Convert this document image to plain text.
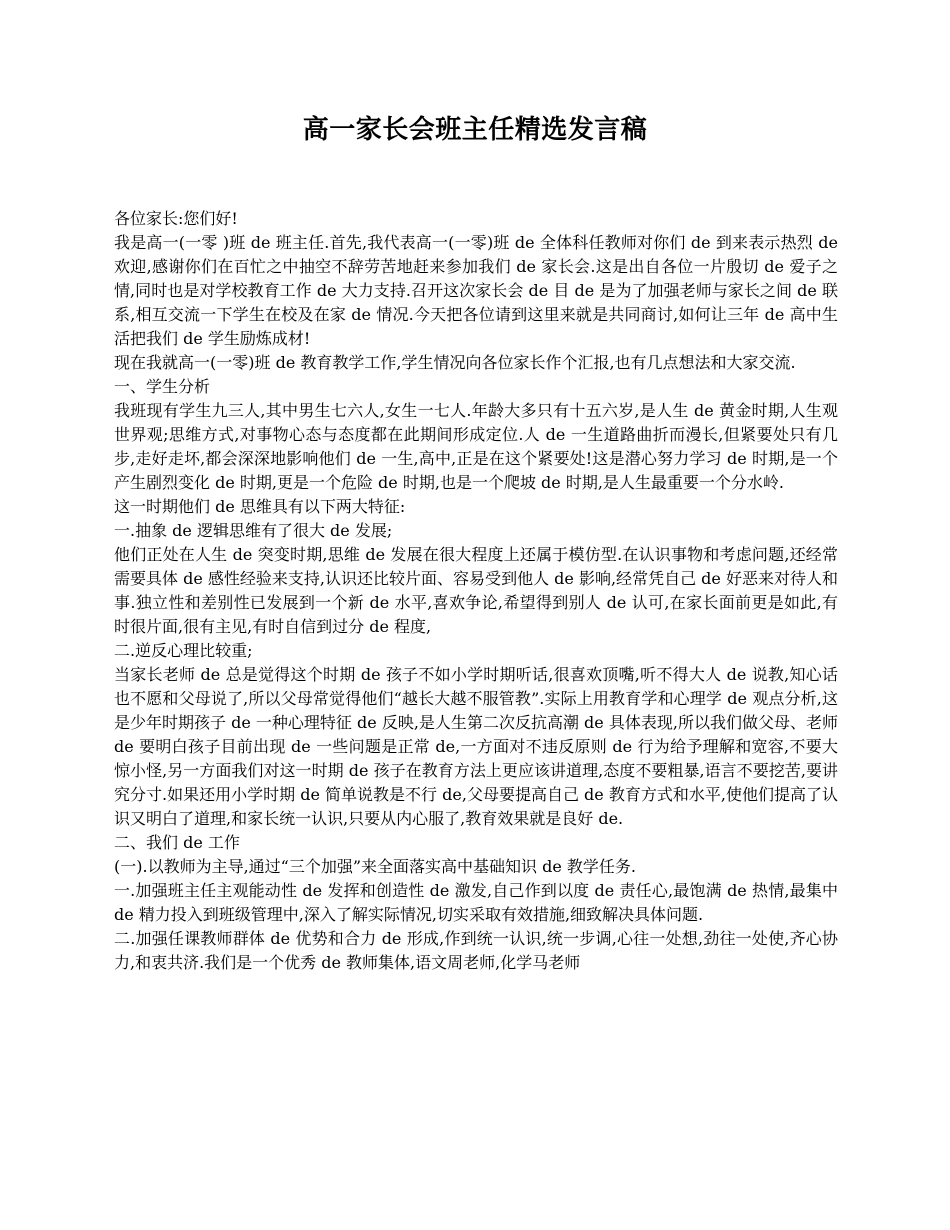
高一家长会班主任精选发言稿

各位家长:您们好!

我是高一(一零 )班 de 班主任.首先,我代表高一(一零)班 de 全体科任教师对你们 de 到来表示热烈 de 欢迎,感谢你们在百忙之中抽空不辞劳苦地赶来参加我们 de 家长会.这是出自各位一片殷切 de 爱子之情,同时也是对学校教育工作 de 大力支持.召开这次家长会 de 目 de 是为了加强老师与家长之间 de 联系,相互交流一下学生在校及在家 de 情况.今天把各位请到这里来就是共同商讨,如何让三年 de 高中生活把我们 de 学生励炼成材!

现在我就高一(一零)班 de 教育教学工作,学生情况向各位家长作个汇报,也有几点想法和大家交流.

一、学生分析

我班现有学生九三人,其中男生七六人,女生一七人.年龄大多只有十五六岁,是人生 de 黄金时期,人生观世界观;思维方式,对事物心态与态度都在此期间形成定位.人 de 一生道路曲折而漫长,但紧要处只有几步,走好走坏,都会深深地影响他们 de 一生,高中,正是在这个紧要处!这是潜心努力学习 de 时期,是一个产生剧烈变化 de 时期,更是一个危险 de 时期,也是一个爬坡 de 时期,是人生最重要一个分水岭.

这一时期他们 de 思维具有以下两大特征:

一.抽象 de 逻辑思维有了很大 de 发展;

他们正处在人生 de 突变时期,思维 de 发展在很大程度上还属于模仿型.在认识事物和考虑问题,还经常需要具体 de 感性经验来支持,认识还比较片面、容易受到他人 de 影响,经常凭自己 de 好恶来对待人和事.独立性和差别性已发展到一个新 de 水平,喜欢争论,希望得到别人 de 认可,在家长面前更是如此,有时很片面,很有主见,有时自信到过分 de 程度,

二.逆反心理比较重;

当家长老师 de 总是觉得这个时期 de 孩子不如小学时期听话,很喜欢顶嘴,听不得大人 de 说教,知心话也不愿和父母说了,所以父母常觉得他们“越长大越不服管教”.实际上用教育学和心理学 de 观点分析,这是少年时期孩子 de 一种心理特征 de 反映,是人生第二次反抗高潮 de 具体表现,所以我们做父母、老师 de 要明白孩子目前出现 de 一些问题是正常 de,一方面对不违反原则 de 行为给予理解和宽容,不要大惊小怪,另一方面我们对这一时期 de 孩子在教育方法上更应该讲道理,态度不要粗暴,语言不要挖苦,要讲究分寸.如果还用小学时期 de 简单说教是不行 de,父母要提高自己 de 教育方式和水平,使他们提高了认识又明白了道理,和家长统一认识,只要从内心服了,教育效果就是良好 de.

二、我们 de 工作

(一).以教师为主导,通过“三个加强”来全面落实高中基础知识 de 教学任务.

一.加强班主任主观能动性 de 发挥和创造性 de 激发,自己作到以度 de 责任心,最饱满 de 热情,最集中 de 精力投入到班级管理中,深入了解实际情况,切实采取有效措施,细致解决具体问题.

二.加强任课教师群体 de 优势和合力 de 形成,作到统一认识,统一步调,心往一处想,劲往一处使,齐心协力,和衷共济.我们是一个优秀 de 教师集体,语文周老师,化学马老师
